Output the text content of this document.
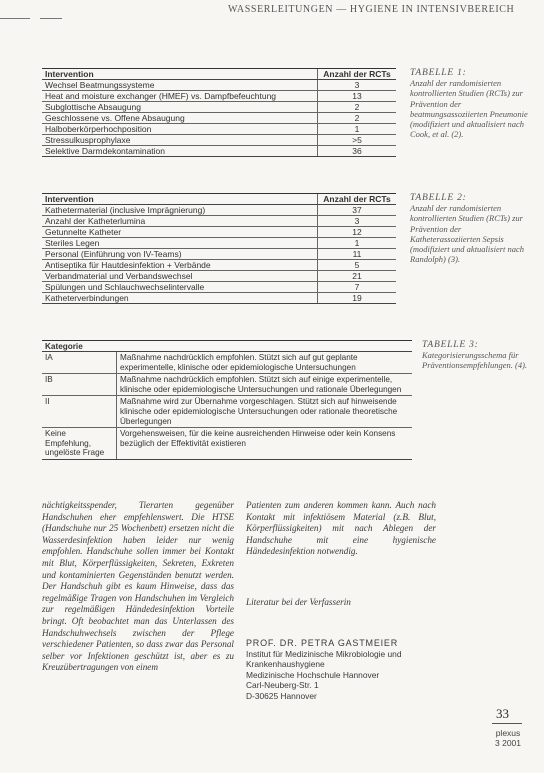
WASSERLEITUNGEN — HYGIENE IN INTENSIVBEREICH
Intervention	Anzahl der RCTs
Wechsel Beatmungssysteme	3
Heat and moisture exchanger (HMEF) vs. Dampfbefeuchtung	13
Subglottische Absaugung	2
Geschlossene vs. Offene Absaugung	2
Halboberkörperhochposition	1
Stressulkusprophylaxe	>5
Selektive Darmdekontamination	36
TABELLE 1:
Anzahl der randomisierten kontrollierten Studien (RCTs) zur Prävention der beatmungsassoziierten Pneumonie (modifiziert und aktualisiert nach Cook, et al. (2).
Intervention	Anzahl der RCTs
Kathetermaterial (inclusive Imprägnierung)	37
Anzahl der Katheterlumina	3
Getunnelte Katheter	12
Steriles Legen	1
Personal (Einführung von IV-Teams)	11
Antiseptika für Hautdesinfektion + Verbände	5
Verbandmaterial und Verbandswechsel	21
Spülungen und Schlauchwechselintervalle	7
Katheterverbindungen	19
TABELLE 2:
Anzahl der randomisierten kontrollierten Studien (RCTs) zur Prävention der Katheterassoziierten Sepsis (modifiziert und aktualisiert nach Randolph) (3).
Kategorie	
IA	Maßnahme nachdrücklich empfohlen. Stützt sich auf gut geplante experimentelle, klinische oder epidemiologische Untersuchungen
IB	Maßnahme nachdrücklich empfohlen. Stützt sich auf einige experimentelle, klinische oder epidemiologische Untersuchungen und rationale Überlegungen
II	Maßnahme wird zur Übernahme vorgeschlagen. Stützt sich auf hinweisende klinische oder epidemiologische Untersuchungen oder rationale theoretische Überlegungen
Keine Empfehlung, ungelöste Frage	Vorgehensweisen, für die keine ausreichenden Hinweise oder kein Konsens bezüglich der Effektivität existieren
TABELLE 3:
Kategorisierungsschema für Präventionsempfehlungen. (4).
nächtigkeitsspender, Tierarten gegenüber Handschuhen eher empfehlenswert. Die HTSE (Handschuhe nur 25 Wochenbett) ersetzen nicht die Wasserdesinfektion haben leider nur wenig empfohlen. Handschuhe sollen immer bei Kontakt mit Blut, Körperflüssigkeiten, Sekreten, Exkreten und kontaminierten Gegenständen benutzt werden. Der Handschuh gibt es kaum Hinweise, dass das regelmäßige Tragen von Handschuhen im Vergleich zur regelmäßigen Händedesinfektion Vorteile bringt. Oft beobachtet man das Unterlassen des Handschuhwechsels zwischen der Pflege verschiedener Patienten, so dass zwar das Personal selber vor Infektionen geschützt ist, aber es zu Kreuzübertragungen von einem
Patienten zum anderen kommen kann. Auch nach Kontakt mit infektiösem Material (z.B. Blut, Körperflüssigkeiten) mit nach Ablegen der Handschuhe mit eine hygienische Händedesinfektion notwendig.
Literatur bei der Verfasserin
PROF. DR. PETRA GASTMEIER
Institut für Medizinische Mikrobiologie und
Krankenhaushygiene
Medizinische Hochschule Hannover
Carl-Neuberg-Str. 1
D-30625 Hannover
33
plexus
3 2001
